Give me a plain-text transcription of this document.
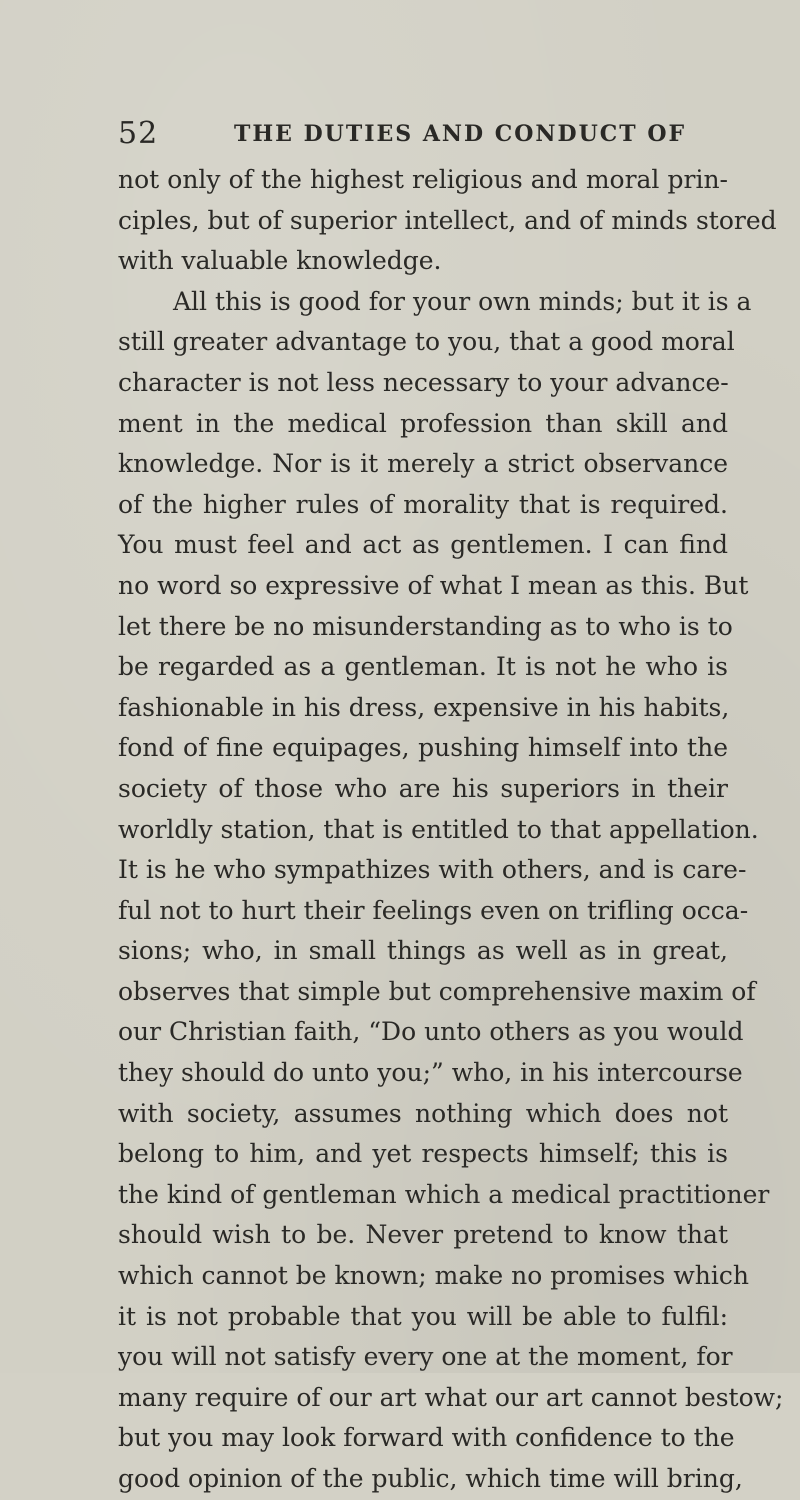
52	THE DUTIES AND CONDUCT OF
not only of the highest religious and moral prin-
ciples, but of superior intellect, and of minds stored
with valuable knowledge.
All this is good for your own minds; but it is a
still greater advantage to you, that a good moral
character is not less necessary to your advance-
ment in the medical profession than skill and
knowledge. Nor is it merely a strict observance
of the higher rules of morality that is required.
You must feel and act as gentlemen. I can find
no word so expressive of what I mean as this. But
let there be no misunderstanding as to who is to
be regarded as a gentleman. It is not he who is
fashionable in his dress, expensive in his habits,
fond of fine equipages, pushing himself into the
society of those who are his superiors in their
worldly station, that is entitled to that appellation.
It is he who sympathizes with others, and is care-
ful not to hurt their feelings even on trifling occa-
sions; who, in small things as well as in great,
observes that simple but comprehensive maxim of
our Christian faith, “Do unto others as you would
they should do unto you;” who, in his intercourse
with society, assumes nothing which does not
belong to him, and yet respects himself; this is
the kind of gentleman which a medical practitioner
should wish to be. Never pretend to know that
which cannot be known; make no promises which
it is not probable that you will be able to fulfil:
you will not satisfy every one at the moment, for
many require of our art what our art cannot bestow;
but you may look forward with confidence to the
good opinion of the public, which time will bring,
